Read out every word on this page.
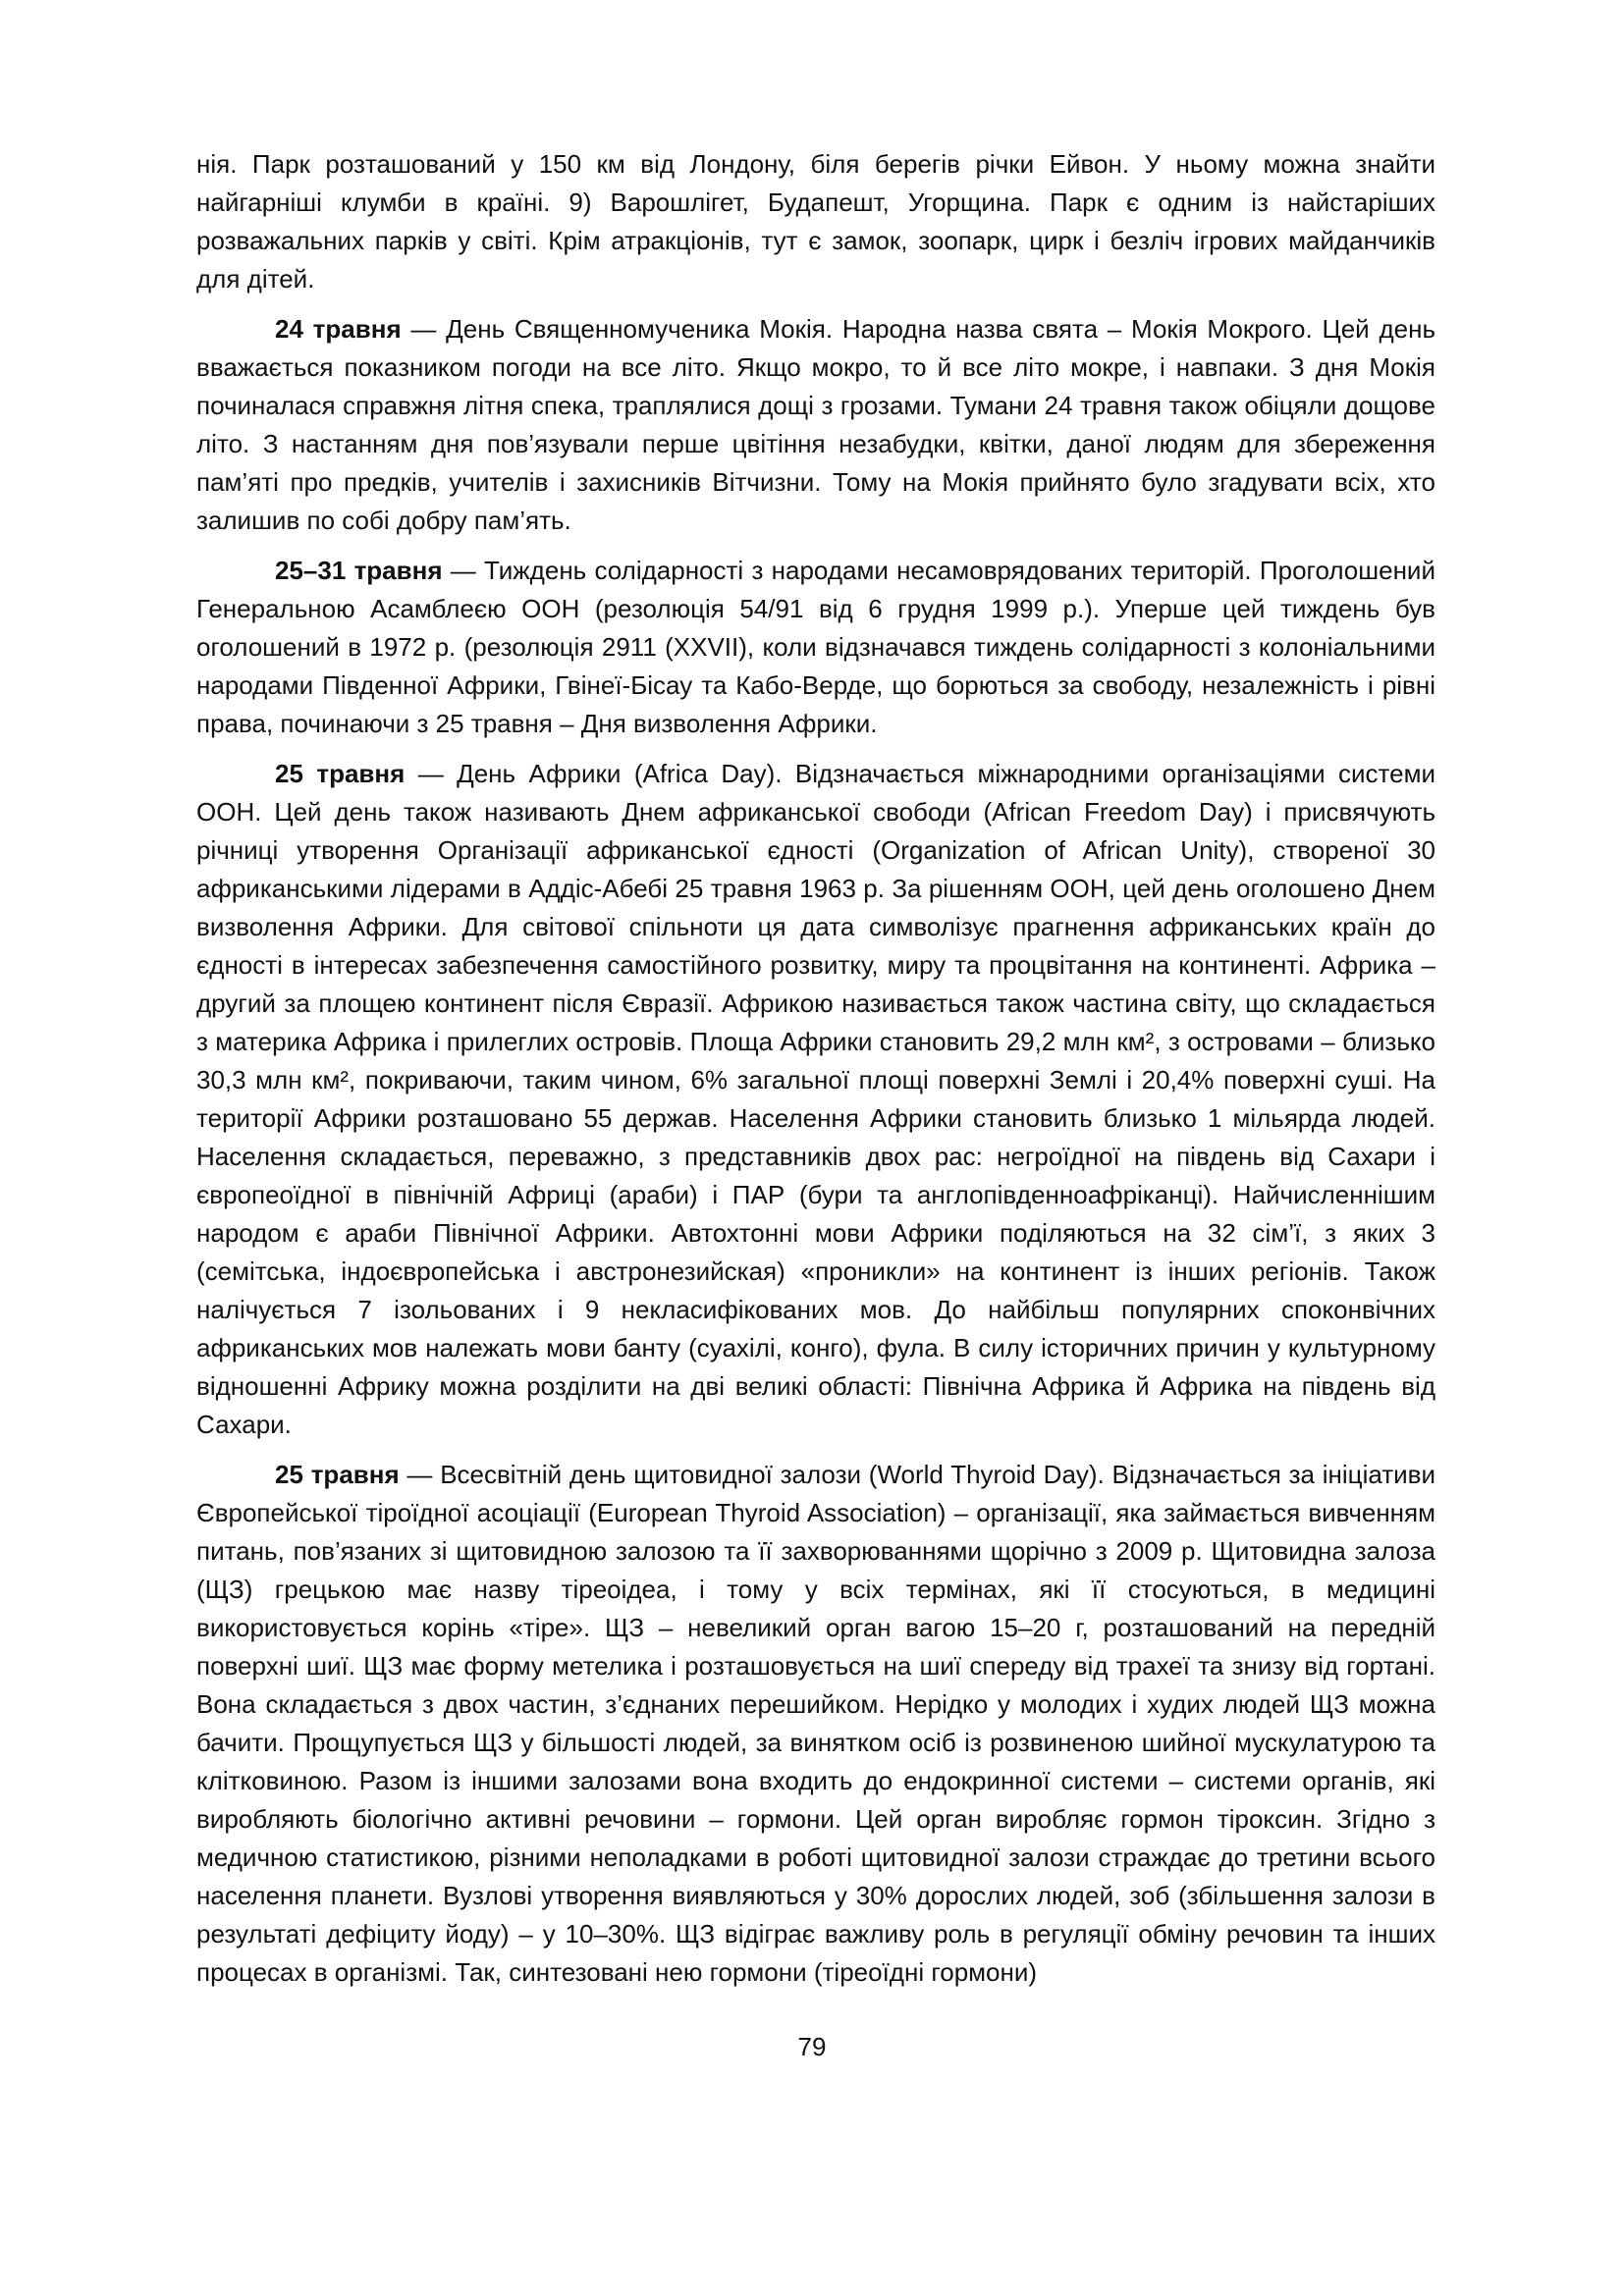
нія. Парк розташований у 150 км від Лондону, біля берегів річки Ейвон. У ньому можна знайти найгарніші клумби в країні. 9) Варошлігет, Будапешт, Угорщина. Парк є одним із найстаріших розважальних парків у світі. Крім атракціонів, тут є замок, зоопарк, цирк і безліч ігрових майданчиків для дітей.

24 травня — День Священномученика Мокія. Народна назва свята – Мокія Мокрого. Цей день вважається показником погоди на все літо. Якщо мокро, то й все літо мокре, і навпаки. З дня Мокія починалася справжня літня спека, траплялися дощі з грозами. Тумани 24 травня також обіцяли дощове літо. З настанням дня пов’язували перше цвітіння незабудки, квітки, даної людям для збереження пам’яті про предків, учителів і захисників Вітчизни. Тому на Мокія прийнято було згадувати всіх, хто залишив по собі добру пам’ять.

25–31 травня — Тиждень солідарності з народами несамоврядованих територій. Проголошений Генеральною Асамблеєю ООН (резолюція 54/91 від 6 грудня 1999 р.). Уперше цей тиждень був оголошений в 1972 р. (резолюція 2911 (XXVII), коли відзначався тиждень солідарності з колоніальними народами Південної Африки, Гвінеї-Бісау та Кабо-Верде, що борються за свободу, незалежність і рівні права, починаючи з 25 травня – Дня визволення Африки.

25 травня — День Африки (Africa Day). Відзначається міжнародними організаціями системи ООН. Цей день також називають Днем африканської свободи (African Freedom Day) і присвячують річниці утворення Організації африканської єдності (Organization of African Unity), створеної 30 африканськими лідерами в Аддіс-Абебі 25 травня 1963 р. За рішенням ООН, цей день оголошено Днем визволення Африки. Для світової спільноти ця дата символізує прагнення африканських країн до єдності в інтересах забезпечення самостійного розвитку, миру та процвітання на континенті. Африка – другий за площею континент після Євразії. Африкою називається також частина світу, що складається з материка Африка і прилеглих островів. Площа Африки становить 29,2 млн км², з островами – близько 30,3 млн км², покриваючи, таким чином, 6% загальної площі поверхні Землі і 20,4% поверхні суші. На території Африки розташовано 55 держав. Населення Африки становить близько 1 мільярда людей. Населення складається, переважно, з представників двох рас: негроїдної на південь від Сахари і європеоїдної в північній Африці (араби) і ПАР (бури та англопівденноафріканці). Найчисленнішим народом є араби Північної Африки. Автохтонні мови Африки поділяються на 32 сім’ї, з яких 3 (семітська, індоєвропейська і австронезийская) «проникли» на континент із інших регіонів. Також налічується 7 ізольованих і 9 некласифікованих мов. До найбільш популярних споконвічних африканських мов належать мови банту (суахілі, конго), фула. В силу історичних причин у культурному відношенні Африку можна розділити на дві великі області: Північна Африка й Африка на південь від Сахари.

25 травня — Всесвітній день щитовидної залози (World Thyroid Day). Відзначається за ініціативи Європейської тіроїдної асоціації (European Thyroid Association) – організації, яка займається вивченням питань, пов’язаних зі щитовидною залозою та її захворюваннями щорічно з 2009 р. Щитовидна залоза (ЩЗ) грецькою має назву тіреоідеа, і тому у всіх термінах, які її стосуються, в медицині використовується корінь «тіре». ЩЗ – невеликий орган вагою 15–20 г, розташований на передній поверхні шиї. ЩЗ має форму метелика і розташовується на шиї спереду від трахеї та знизу від гортані. Вона складається з двох частин, з’єднаних перешийком. Нерідко у молодих і худих людей ЩЗ можна бачити. Прощупується ЩЗ у більшості людей, за винятком осіб із розвиненою шийної мускулатурою та клітковиною. Разом із іншими залозами вона входить до ендокринної системи – системи органів, які виробляють біологічно активні речовини – гормони. Цей орган виробляє гормон тіроксин. Згідно з медичною статистикою, різними неполадками в роботі щитовидної залози страждає до третини всього населення планети. Вузлові утворення виявляються у 30% дорослих людей, зоб (збільшення залози в результаті дефіциту йоду) – у 10–30%. ЩЗ відіграє важливу роль в регуляції обміну речовин та інших процесах в організмі. Так, синтезовані нею гормони (тіреоїдні гормони)

79
